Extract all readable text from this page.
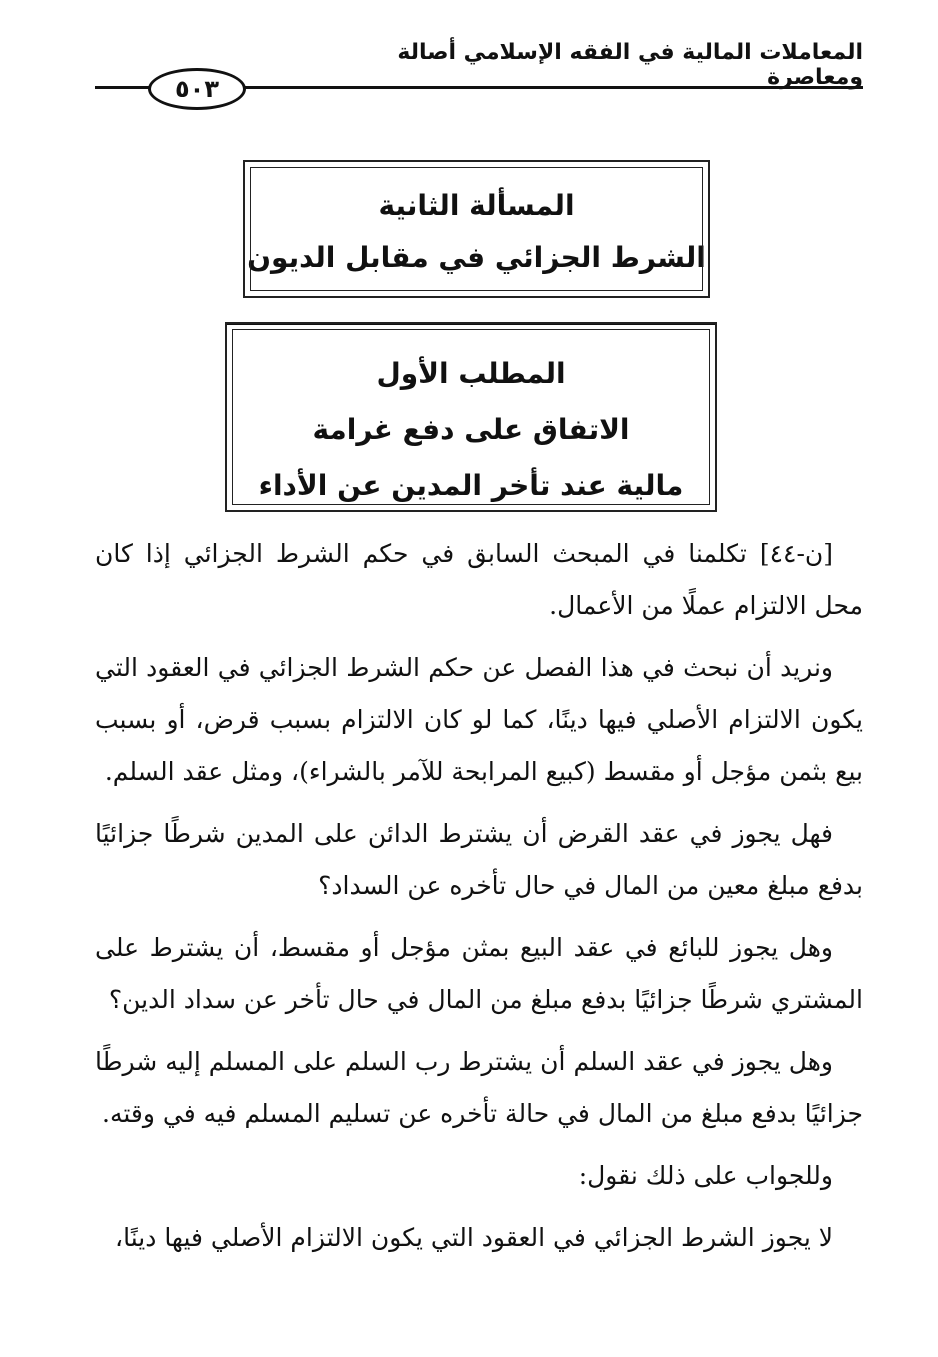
المعاملات المالية في الفقه الإسلامي أصالة ومعاصرة
٥٠٣
المسألة الثانية
الشرط الجزائي في مقابل الديون
المطلب الأول
الاتفاق على دفع غرامة
مالية عند تأخر المدين عن الأداء

[ن-٤٤] تكلمنا في المبحث السابق في حكم الشرط الجزائي إذا كان محل الالتزام عملًا من الأعمال.

ونريد أن نبحث في هذا الفصل عن حكم الشرط الجزائي في العقود التي يكون الالتزام الأصلي فيها دينًا، كما لو كان الالتزام بسبب قرض، أو بسبب بيع بثمن مؤجل أو مقسط (كبيع المرابحة للآمر بالشراء)، ومثل عقد السلم.

فهل يجوز في عقد القرض أن يشترط الدائن على المدين شرطًا جزائيًا بدفع مبلغ معين من المال في حال تأخره عن السداد؟

وهل يجوز للبائع في عقد البيع بمثن مؤجل أو مقسط، أن يشترط على المشتري شرطًا جزائيًا بدفع مبلغ من المال في حال تأخر عن سداد الدين؟

وهل يجوز في عقد السلم أن يشترط رب السلم على المسلم إليه شرطًا جزائيًا بدفع مبلغ من المال في حالة تأخره عن تسليم المسلم فيه في وقته.

وللجواب على ذلك نقول:

لا يجوز الشرط الجزائي في العقود التي يكون الالتزام الأصلي فيها دينًا،
